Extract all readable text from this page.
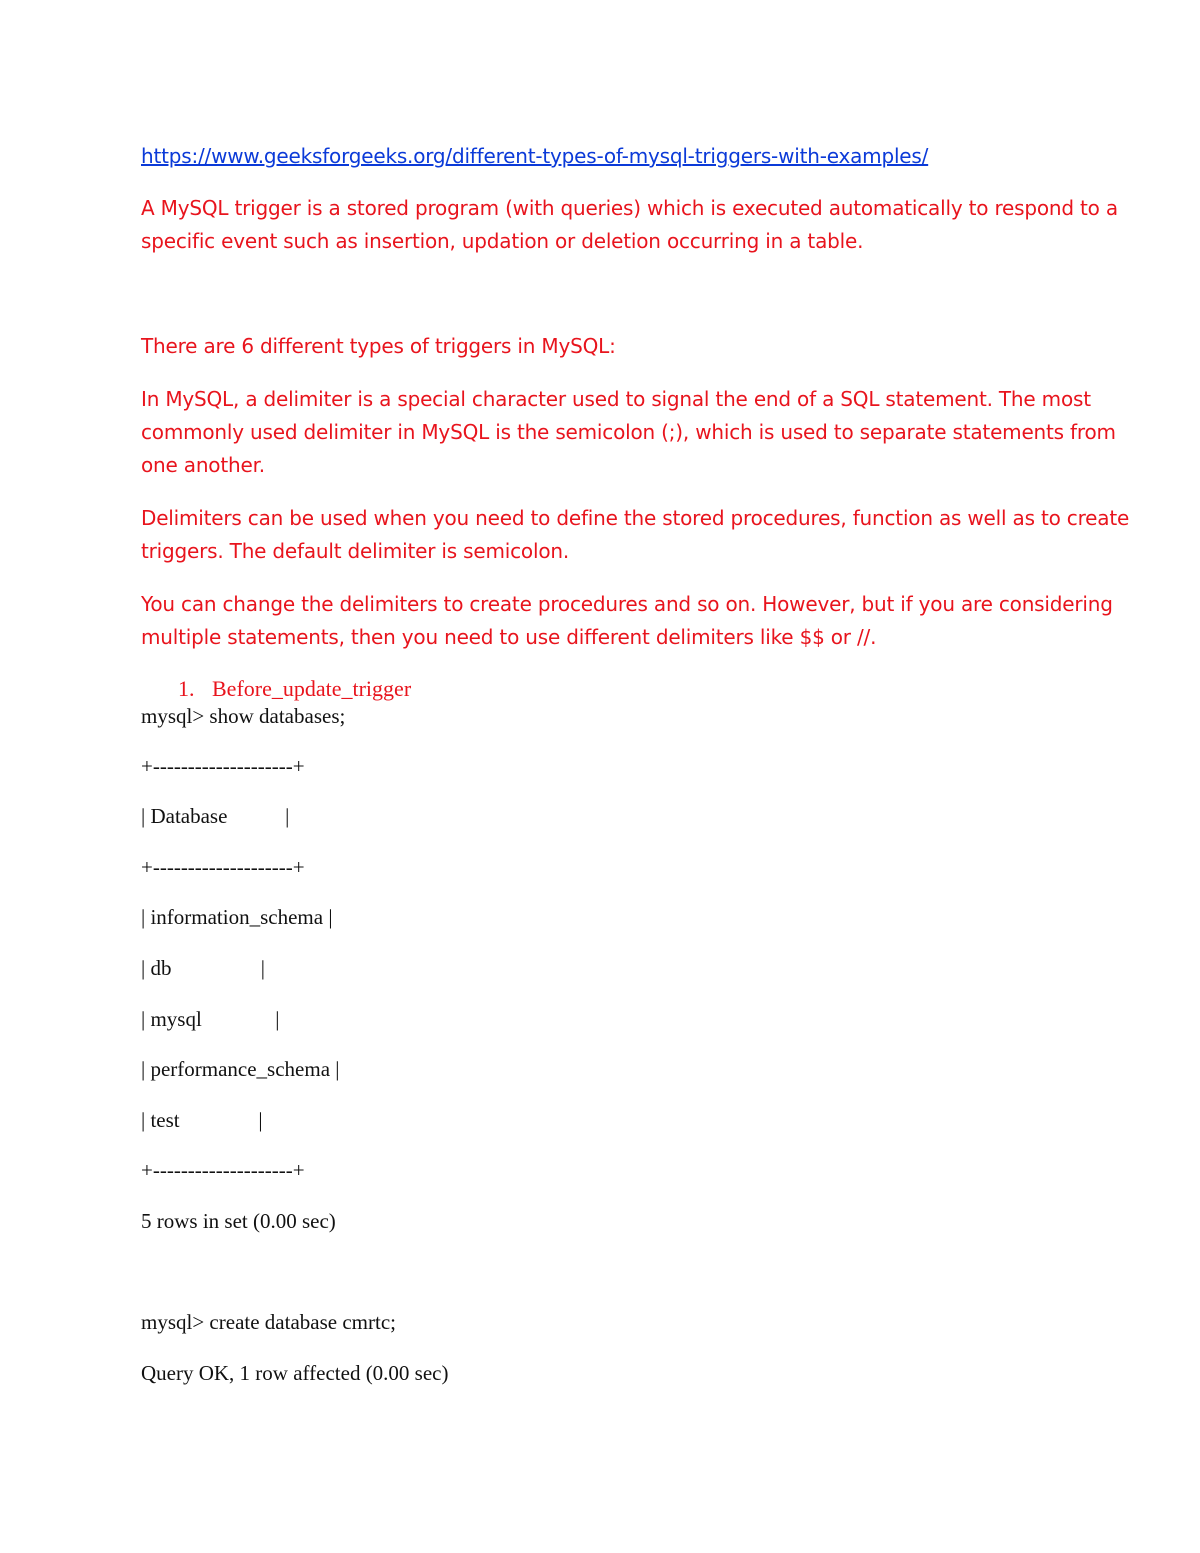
https://www.geeksforgeeks.org/different-types-of-mysql-triggers-with-examples/
A MySQL trigger is a stored program (with queries) which is executed automatically to respond to a
specific event such as insertion, updation or deletion occurring in a table.
There are 6 different types of triggers in MySQL:
In MySQL, a delimiter is a special character used to signal the end of a SQL statement. The most
commonly used delimiter in MySQL is the semicolon (;), which is used to separate statements from
one another.
Delimiters can be used when you need to define the stored procedures, function as well as to create
triggers. The default delimiter is semicolon.
You can change the delimiters to create procedures and so on. However, but if you are considering
multiple statements, then you need to use different delimiters like $$ or //.
1. Before_update_trigger
mysql> show databases;
+--------------------+
| Database           |
+--------------------+
| information_schema |
| db                 |
| mysql              |
| performance_schema |
| test               |
+--------------------+
5 rows in set (0.00 sec)
mysql> create database cmrtc;
Query OK, 1 row affected (0.00 sec)
